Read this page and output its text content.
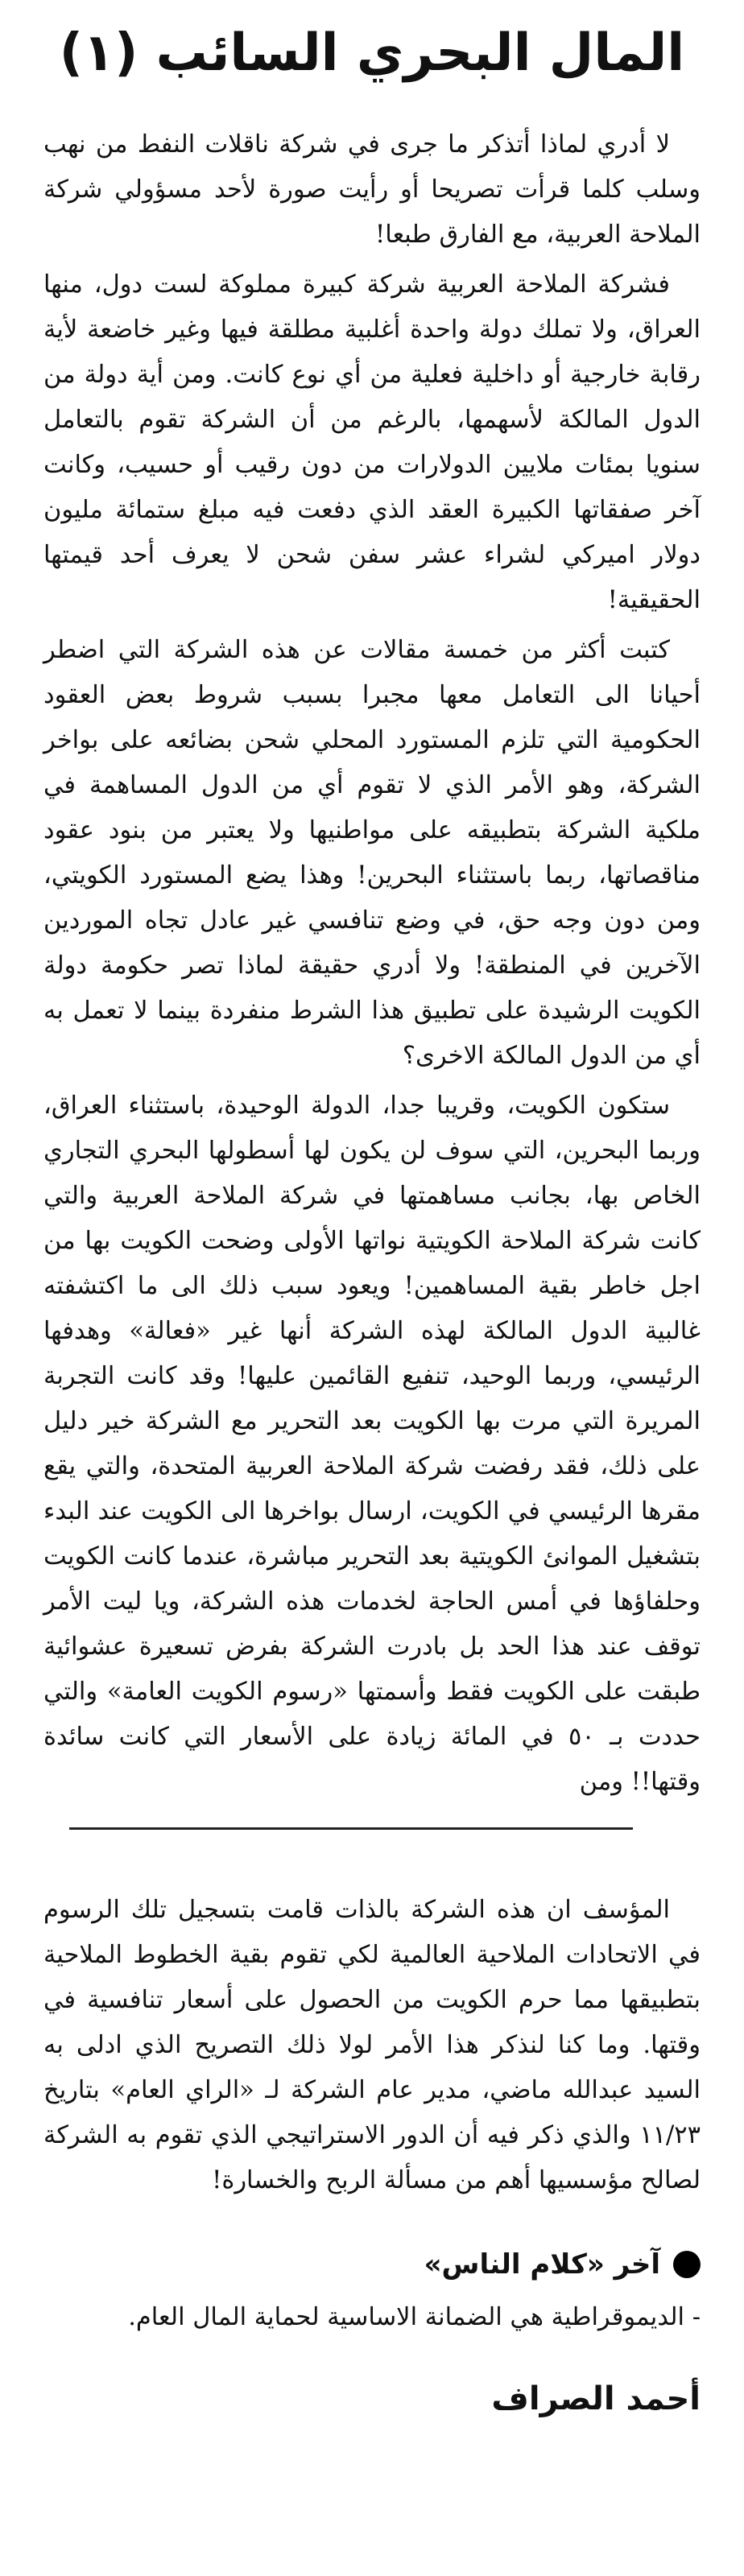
المال البحري السائب (١)

لا أدري لماذا أتذكر ما جرى في شركة ناقلات النفط من نهب وسلب كلما قرأت تصريحا أو رأيت صورة لأحد مسؤولي شركة الملاحة العربية، مع الفارق طبعا!

فشركة الملاحة العربية شركة كبيرة مملوكة لست دول، منها العراق، ولا تملك دولة واحدة أغلبية مطلقة فيها وغير خاضعة لأية رقابة خارجية أو داخلية فعلية من أي نوع كانت. ومن أية دولة من الدول المالكة لأسهمها، بالرغم من أن الشركة تقوم بالتعامل سنويا بمئات ملايين الدولارات من دون رقيب أو حسيب، وكانت آخر صفقاتها الكبيرة العقد الذي دفعت فيه مبلغ ستمائة مليون دولار اميركي لشراء عشر سفن شحن لا يعرف أحد قيمتها الحقيقية!

كتبت أكثر من خمسة مقالات عن هذه الشركة التي اضطر أحيانا الى التعامل معها مجبرا بسبب شروط بعض العقود الحكومية التي تلزم المستورد المحلي شحن بضائعه على بواخر الشركة، وهو الأمر الذي لا تقوم أي من الدول المساهمة في ملكية الشركة بتطبيقه على مواطنيها ولا يعتبر من بنود عقود مناقصاتها، ربما باستثناء البحرين! وهذا يضع المستورد الكويتي، ومن دون وجه حق، في وضع تنافسي غير عادل تجاه الموردين الآخرين في المنطقة! ولا أدري حقيقة لماذا تصر حكومة دولة الكويت الرشيدة على تطبيق هذا الشرط منفردة بينما لا تعمل به أي من الدول المالكة الاخرى؟

ستكون الكويت، وقريبا جدا، الدولة الوحيدة، باستثناء العراق، وربما البحرين، التي سوف لن يكون لها أسطولها البحري التجاري الخاص بها، بجانب مساهمتها في شركة الملاحة العربية والتي كانت شركة الملاحة الكويتية نواتها الأولى وضحت الكويت بها من اجل خاطر بقية المساهمين! ويعود سبب ذلك الى ما اكتشفته غالبية الدول المالكة لهذه الشركة أنها غير «فعالة» وهدفها الرئيسي، وربما الوحيد، تنفيع القائمين عليها! وقد كانت التجربة المريرة التي مرت بها الكويت بعد التحرير مع الشركة خير دليل على ذلك، فقد رفضت شركة الملاحة العربية المتحدة، والتي يقع مقرها الرئيسي في الكويت، ارسال بواخرها الى الكويت عند البدء بتشغيل الموانئ الكويتية بعد التحرير مباشرة، عندما كانت الكويت وحلفاؤها في أمس الحاجة لخدمات هذه الشركة، ويا ليت الأمر توقف عند هذا الحد بل بادرت الشركة بفرض تسعيرة عشوائية طبقت على الكويت فقط وأسمتها «رسوم الكويت العامة» والتي حددت بـ ٥٠ في المائة زيادة على الأسعار التي كانت سائدة وقتها!! ومن

المؤسف ان هذه الشركة بالذات قامت بتسجيل تلك الرسوم في الاتحادات الملاحية العالمية لكي تقوم بقية الخطوط الملاحية بتطبيقها مما حرم الكويت من الحصول على أسعار تنافسية في وقتها. وما كنا لنذكر هذا الأمر لولا ذلك التصريح الذي ادلى به السيد عبدالله ماضي، مدير عام الشركة لـ «الراي العام» بتاريخ ١١/٢٣ والذي ذكر فيه أن الدور الاستراتيجي الذي تقوم به الشركة لصالح مؤسسيها أهم من مسألة الربح والخسارة!

آخر «كلام الناس»

- الديموقراطية هي الضمانة الاساسية لحماية المال العام.

أحمد الصراف
